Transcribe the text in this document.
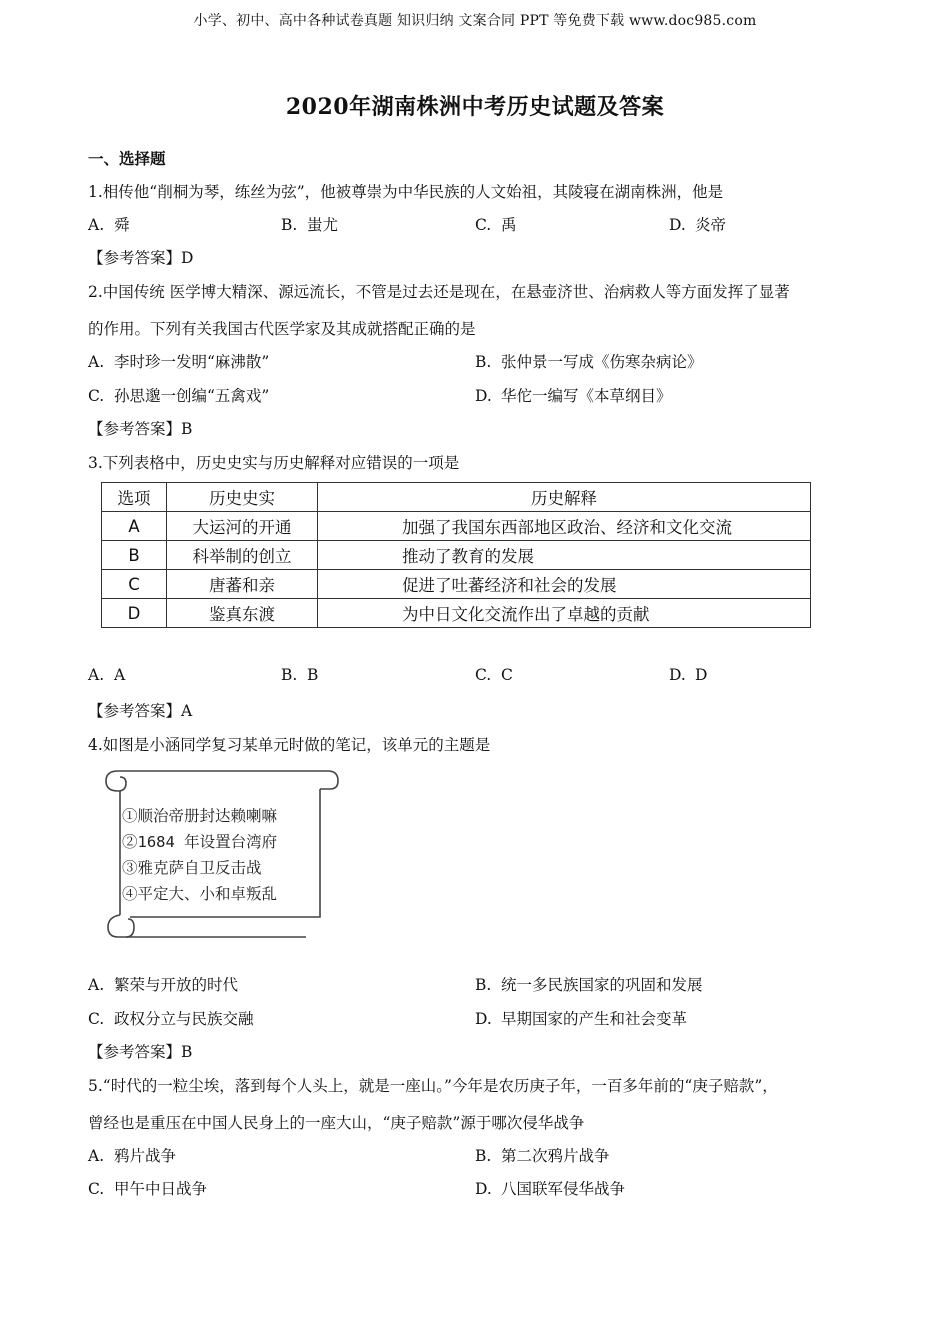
小学、初中、高中各种试卷真题 知识归纳 文案合同 PPT 等免费下载 www.doc985.com
2020年湖南株洲中考历史试题及答案
一、选择题
1.相传他“削桐为琴，练丝为弦”，他被尊崇为中华民族的人文始祖，其陵寝在湖南株洲，他是
A. 舜	B. 蚩尤	C. 禹	D. 炎帝
【参考答案】D
2.中国传统 医学博大精深、源远流长，不管是过去还是现在，在悬壶济世、治病救人等方面发挥了显著
的作用。下列有关我国古代医学家及其成就搭配正确的是
A. 李时珍一发明“麻沸散”	B. 张仲景一写成《伤寒杂病论》
C. 孙思邈一创编“五禽戏”	D. 华佗一编写《本草纲目》
【参考答案】B
3.下列表格中，历史史实与历史解释对应错误的一项是
选项	历史史实	历史解释
A	大运河的开通	加强了我国东西部地区政治、经济和文化交流
B	科举制的创立	推动了教育的发展
C	唐蕃和亲	促进了吐蕃经济和社会的发展
D	鉴真东渡	为中日文化交流作出了卓越的贡献
A. A	B. B	C. C	D. D
【参考答案】A
4.如图是小涵同学复习某单元时做的笔记，该单元的主题是
①顺治帝册封达赖喇嘛
②1684 年设置台湾府
③雅克萨自卫反击战
④平定大、小和卓叛乱
A. 繁荣与开放的时代	B. 统一多民族国家的巩固和发展
C. 政权分立与民族交融	D. 早期国家的产生和社会变革
【参考答案】B
5.“时代的一粒尘埃，落到每个人头上，就是一座山。”今年是农历庚子年，一百多年前的“庚子赔款”，
曾经也是重压在中国人民身上的一座大山，“庚子赔款”源于哪次侵华战争
A. 鸦片战争	B. 第二次鸦片战争
C. 甲午中日战争	D. 八国联军侵华战争
